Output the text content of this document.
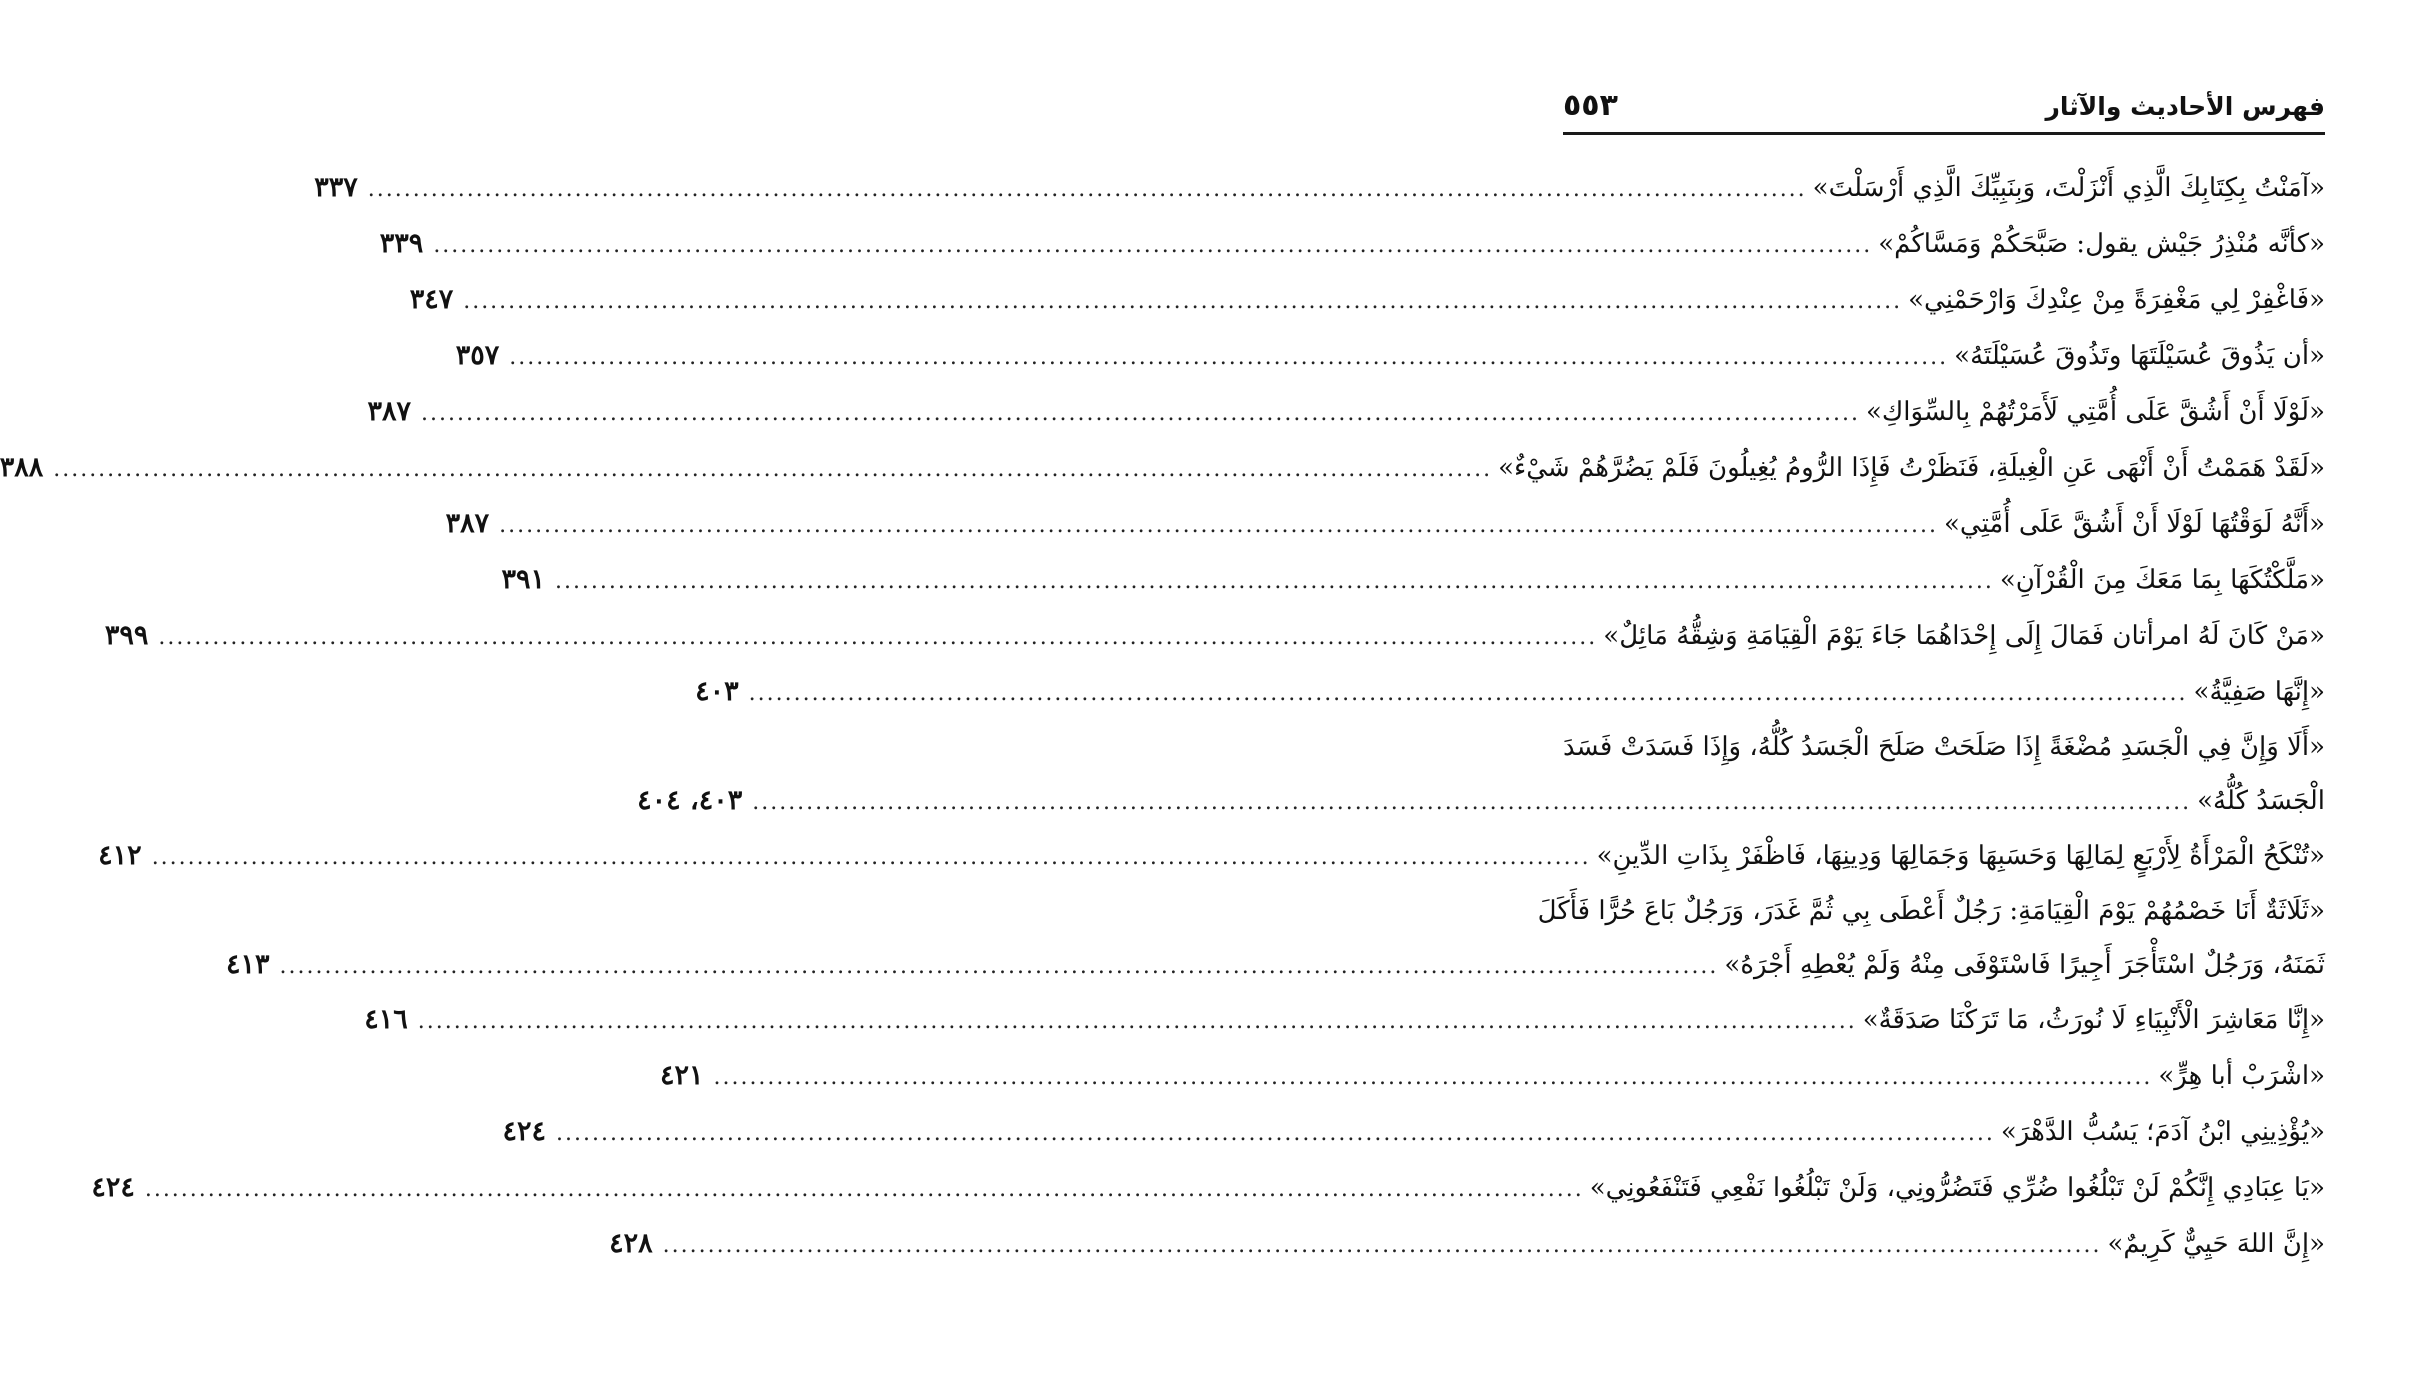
فهرس الأحاديث والآثار
٥٥٣
«آمَنْتُ بِكِتَابِكَ الَّذِي أَنْزَلْتَ، وَبِنَبِيِّكَ الَّذِي أَرْسَلْتَ»
................................................................................................................................................................
٣٣٧
«كأنَّه مُنْذِرُ جَيْش يقول: صَبَّحَكُمْ وَمَسَّاكُمْ»
................................................................................................................................................................
٣٣٩
«فَاغْفِرْ لِي مَغْفِرَةً مِنْ عِنْدِكَ وَارْحَمْنِي»
................................................................................................................................................................
٣٤٧
«أن يَذُوقَ عُسَيْلَتَهَا وتَذُوقَ عُسَيْلَتَهُ»
................................................................................................................................................................
٣٥٧
«لَوْلَا أَنْ أَشُقَّ عَلَى أُمَّتِي لَأَمَرْتُهُمْ بِالسِّوَاكِ»
................................................................................................................................................................
٣٨٧
«لَقَدْ هَمَمْتُ أَنْ أَنْهَى عَنِ الْغِيلَةِ، فَنَظَرْتُ فَإِذَا الرُّومُ يُغِيلُونَ فَلَمْ يَضُرَّهُمْ شَيْءٌ»
................................................................................................................................................................
٣٨٨
«أَنَّهُ لَوَقْتُهَا لَوْلَا أَنْ أَشُقَّ عَلَى أُمَّتِي»
................................................................................................................................................................
٣٨٧
«مَلَّكْتُكَهَا بِمَا مَعَكَ مِنَ الْقُرْآنِ»
................................................................................................................................................................
٣٩١
«مَنْ كَانَ لَهُ امرأتان فَمَالَ إِلَى إِحْدَاهُمَا جَاءَ يَوْمَ الْقِيَامَةِ وَشِقُّهُ مَائِلٌ»
................................................................................................................................................................
٣٩٩
«إِنَّهَا صَفِيَّةُ»
................................................................................................................................................................
٤٠٣
«أَلَا وَإِنَّ فِي الْجَسَدِ مُضْغَةً إِذَا صَلَحَتْ صَلَحَ الْجَسَدُ كُلُّهُ، وَإِذَا فَسَدَتْ فَسَدَ
الْجَسَدُ كُلُّهُ»
................................................................................................................................................................
٤٠٣، ٤٠٤
«تُنْكَحُ الْمَرْأَةُ لِأَرْبَعٍ لِمَالِهَا وَحَسَبِهَا وَجَمَالِهَا وَدِينِهَا، فَاظْفَرْ بِذَاتِ الدِّينِ»
................................................................................................................................................................
٤١٢
«ثَلَاثَةٌ أَنَا خَصْمُهُمْ يَوْمَ الْقِيَامَةِ: رَجُلٌ أَعْطَى بِي ثُمَّ غَدَرَ، وَرَجُلٌ بَاعَ حُرًّا فَأَكَلَ
ثَمَنَهُ، وَرَجُلٌ اسْتَأْجَرَ أَجِيرًا فَاسْتَوْفَى مِنْهُ وَلَمْ يُعْطِهِ أَجْرَهُ»
................................................................................................................................................................
٤١٣
«إِنَّا مَعَاشِرَ الْأَنْبِيَاءِ لَا نُورَثُ، مَا تَرَكْنَا صَدَقَةٌ»
................................................................................................................................................................
٤١٦
«اشْرَبْ أبا هِرٍّ»
................................................................................................................................................................
٤٢١
«يُؤْذِينِي ابْنُ آدَمَ؛ يَسُبُّ الدَّهْرَ»
................................................................................................................................................................
٤٢٤
«يَا عِبَادِي إِنَّكُمْ لَنْ تَبْلُغُوا ضُرِّي فَتَضُرُّونِي، وَلَنْ تَبْلُغُوا نَفْعِي فَتَنْفَعُونِي»
................................................................................................................................................................
٤٢٤
«إِنَّ اللهَ حَيِيٌّ كَرِيمٌ»
................................................................................................................................................................
٤٢٨
